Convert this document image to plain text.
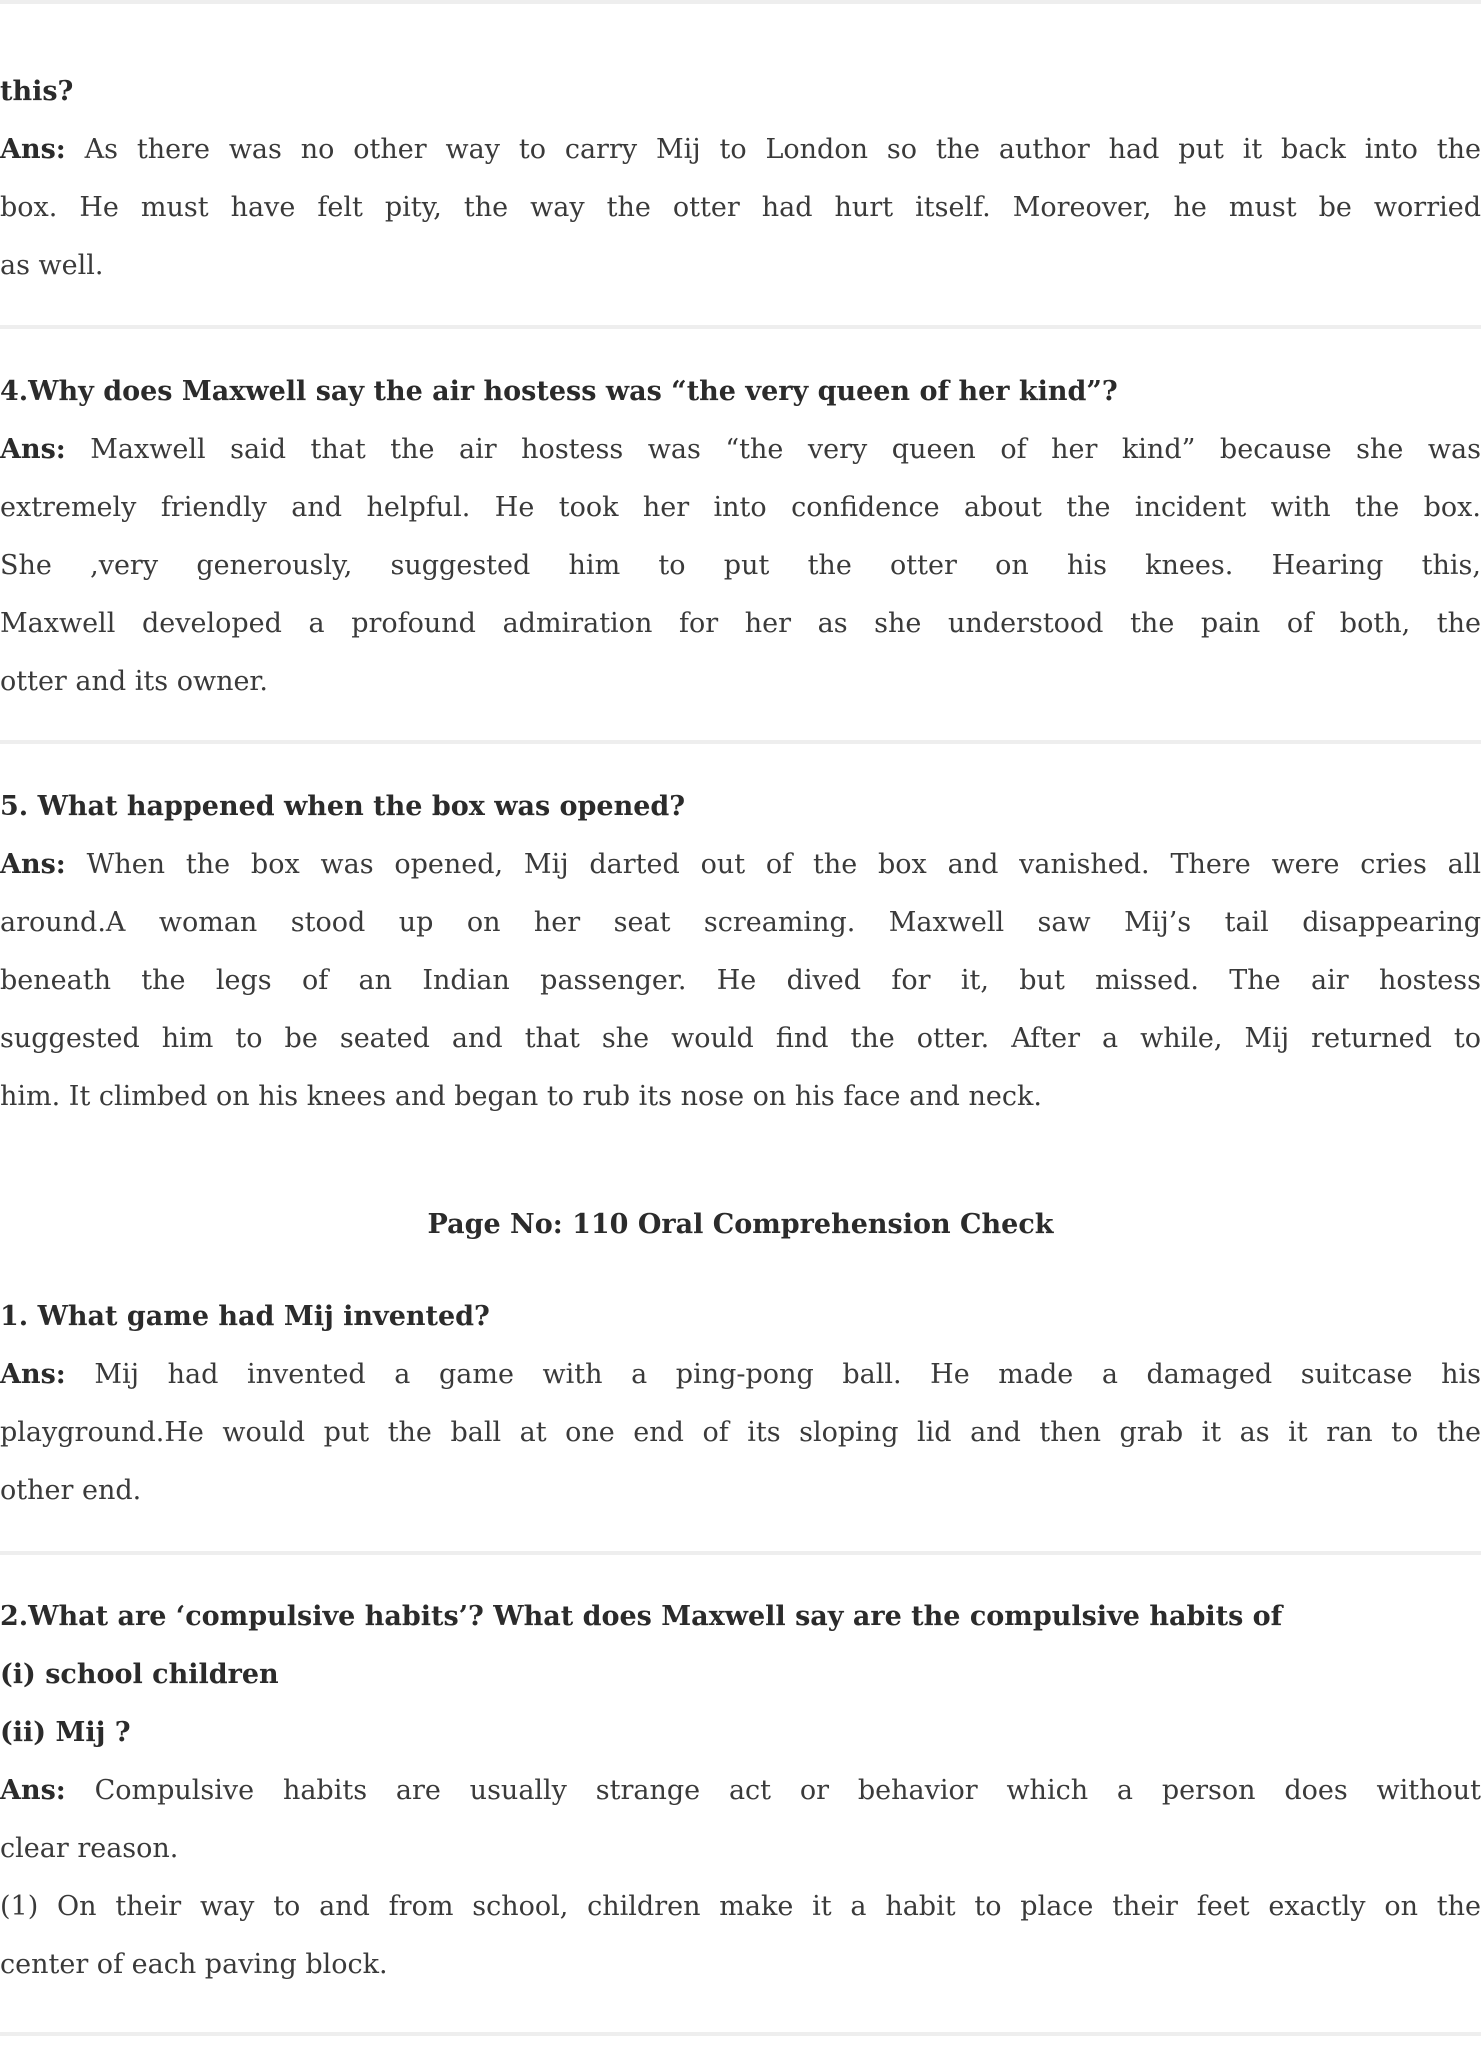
this?
Ans: As there was no other way to carry Mij to London so the author had put it back into the
box. He must have felt pity, the way the otter had hurt itself. Moreover, he must be worried
as well.
4.Why does Maxwell say the air hostess was “the very queen of her kind”?
Ans: Maxwell said that the air hostess was “the very queen of her kind” because she was
extremely friendly and helpful. He took her into confidence about the incident with the box.
She ,very generously, suggested him to put the otter on his knees. Hearing this,
Maxwell developed a profound admiration for her as she understood the pain of both, the
otter and its owner.
5. What happened when the box was opened?
Ans: When the box was opened, Mij darted out of the box and vanished. There were cries all
around.A woman stood up on her seat screaming. Maxwell saw Mij’s tail disappearing
beneath the legs of an Indian passenger. He dived for it, but missed. The air hostess
suggested him to be seated and that she would find the otter. After a while, Mij returned to
him. It climbed on his knees and began to rub its nose on his face and neck.
Page No: 110 Oral Comprehension Check
1. What game had Mij invented?
Ans: Mij had invented a game with a ping-pong ball. He made a damaged suitcase his
playground.He would put the ball at one end of its sloping lid and then grab it as it ran to the
other end.
2.What are ‘compulsive habits’? What does Maxwell say are the compulsive habits of
(i) school children
(ii) Mij ?
Ans: Compulsive habits are usually strange act or behavior which a person does without
clear reason.
(1) On their way to and from school, children make it a habit to place their feet exactly on the
center of each paving block.
